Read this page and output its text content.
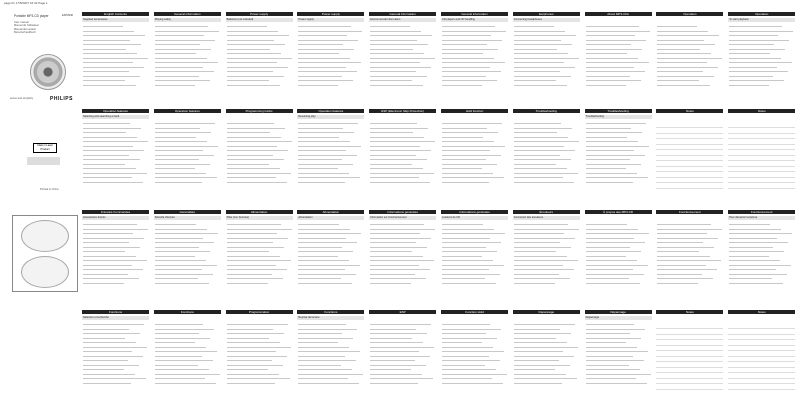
page 01 17/5/2007 16:42 Page 1
Portable MP3-CD player	EXP2546
User manual
Manuel de l'utilisateur
Manual del usuario
Benutzerhandbuch
sense and simplicity	PHILIPS
Class 1 Laser Product
Printed in China
English Contents
Supplied accessories
General information
Playing safety
Power supply
Batteries (not included)
Power supply
Power supply
General information
Environmental information
General information
CD players and CD handling
Earphones
Connecting headphones
About MP3-CDs	Operation	Operation
To start playback
Operation features
Selecting and searching a track
Operation features	Programming tracks	Operation features
Resuming play
ESP (Electronic Skip Protection)	Hold function	Troubleshooting	Troubleshooting
Troubleshooting
Notes	Notes
Français Commandes
Accessoires fournis
Généralités
Sécurité d'écoute
Alimentation
Piles (non fournies)
Alimentation
Alimentation
Informations générales
Information sur l'environnement
Informations générales
Lecteurs de CD
Écouteurs
Connexion des écouteurs
À propos des MP3-CD	Fonctionnement	Fonctionnement
Pour démarrer la lecture
Fonctions
Sélection et recherche
Fonctions	Programmation	Fonctions
Reprise de lecture
ESP	Fonction Hold	Dépannage	Dépannage
Dépannage
Notes	Notes
